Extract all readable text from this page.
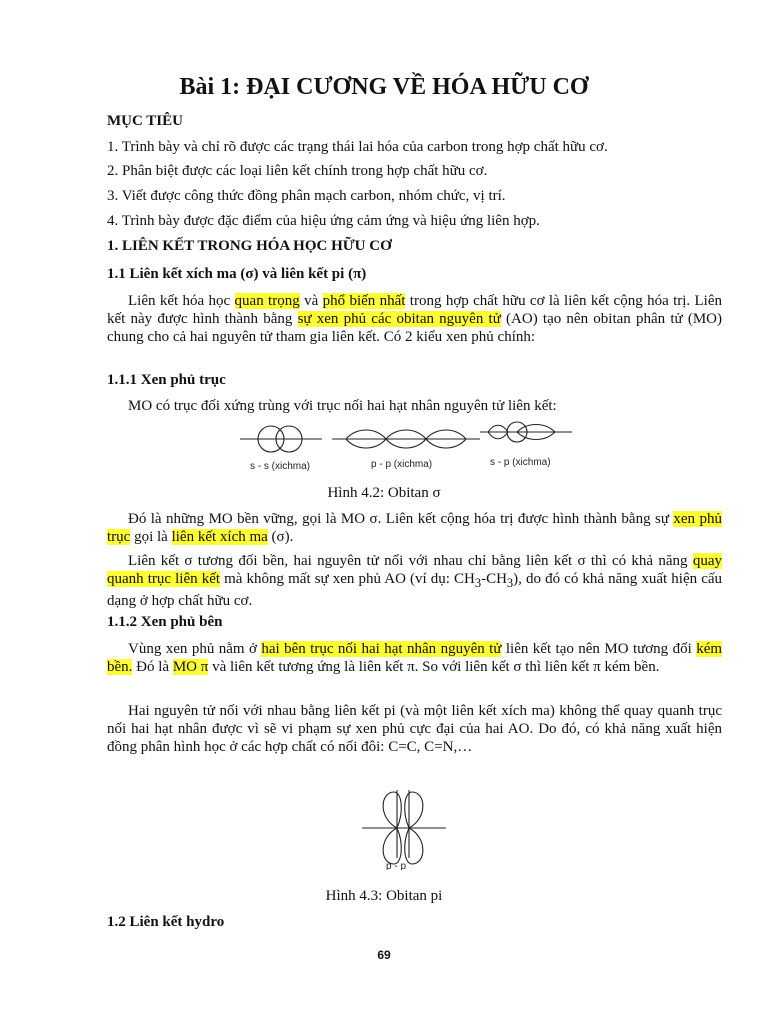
Bài 1: ĐẠI CƯƠNG VỀ HÓA HỮU CƠ
MỤC TIÊU
1. Trình bày và chỉ rõ được các trạng thái lai hóa của carbon trong hợp chất hữu cơ.
2. Phân biệt được các loại liên kết chính trong hợp chất hữu cơ.
3. Viết được công thức đồng phân mạch carbon, nhóm chức, vị trí.
4. Trình bày được đặc điểm của hiệu ứng cảm ứng và hiệu ứng liên hợp.
1. LIÊN KẾT TRONG HÓA HỌC HỮU CƠ
1.1 Liên kết xích ma (σ) và liên kết pi (π)

Liên kết hóa học quan trọng và phổ biến nhất trong hợp chất hữu cơ là liên kết cộng hóa trị. Liên kết này được hình thành bằng sự xen phủ các obitan nguyên tử (AO) tạo nên obitan phân tử (MO) chung cho cả hai nguyên tử tham gia liên kết. Có 2 kiểu xen phủ chính:

1.1.1 Xen phủ trục
MO có trục đối xứng trùng với trục nối hai hạt nhân nguyên tử liên kết:
s - s (xichma)	p - p (xichma)	s - p (xichma)
Hình 4.2: Obitan σ

Đó là những MO bền vững, gọi là MO σ. Liên kết cộng hóa trị được hình thành bằng sự xen phủ trục gọi là liên kết xích ma (σ).

Liên kết σ tương đối bền, hai nguyên tử nối với nhau chỉ bằng liên kết σ thì có khả năng quay quanh trục liên kết mà không mất sự xen phủ AO (ví dụ: $CH_3-CH_3$), do đó có khả năng xuất hiện cấu dạng ở hợp chất hữu cơ.

1.1.2 Xen phủ bên

Vùng xen phủ nằm ở hai bên trục nối hai hạt nhân nguyên tử liên kết tạo nên MO tương đối kém bền. Đó là MO π và liên kết tương ứng là liên kết π. So với liên kết σ thì liên kết π kém bền.

Hai nguyên tử nối với nhau bằng liên kết pi (và một liên kết xích ma) không thể quay quanh trục nối hai hạt nhân được vì sẽ vi phạm sự xen phủ cực đại của hai AO. Do đó, có khả năng xuất hiện đồng phân hình học ở các hợp chất có nối đôi: C=C, C=N,…

p - p
Hình 4.3: Obitan pi
1.2 Liên kết hydro
69
